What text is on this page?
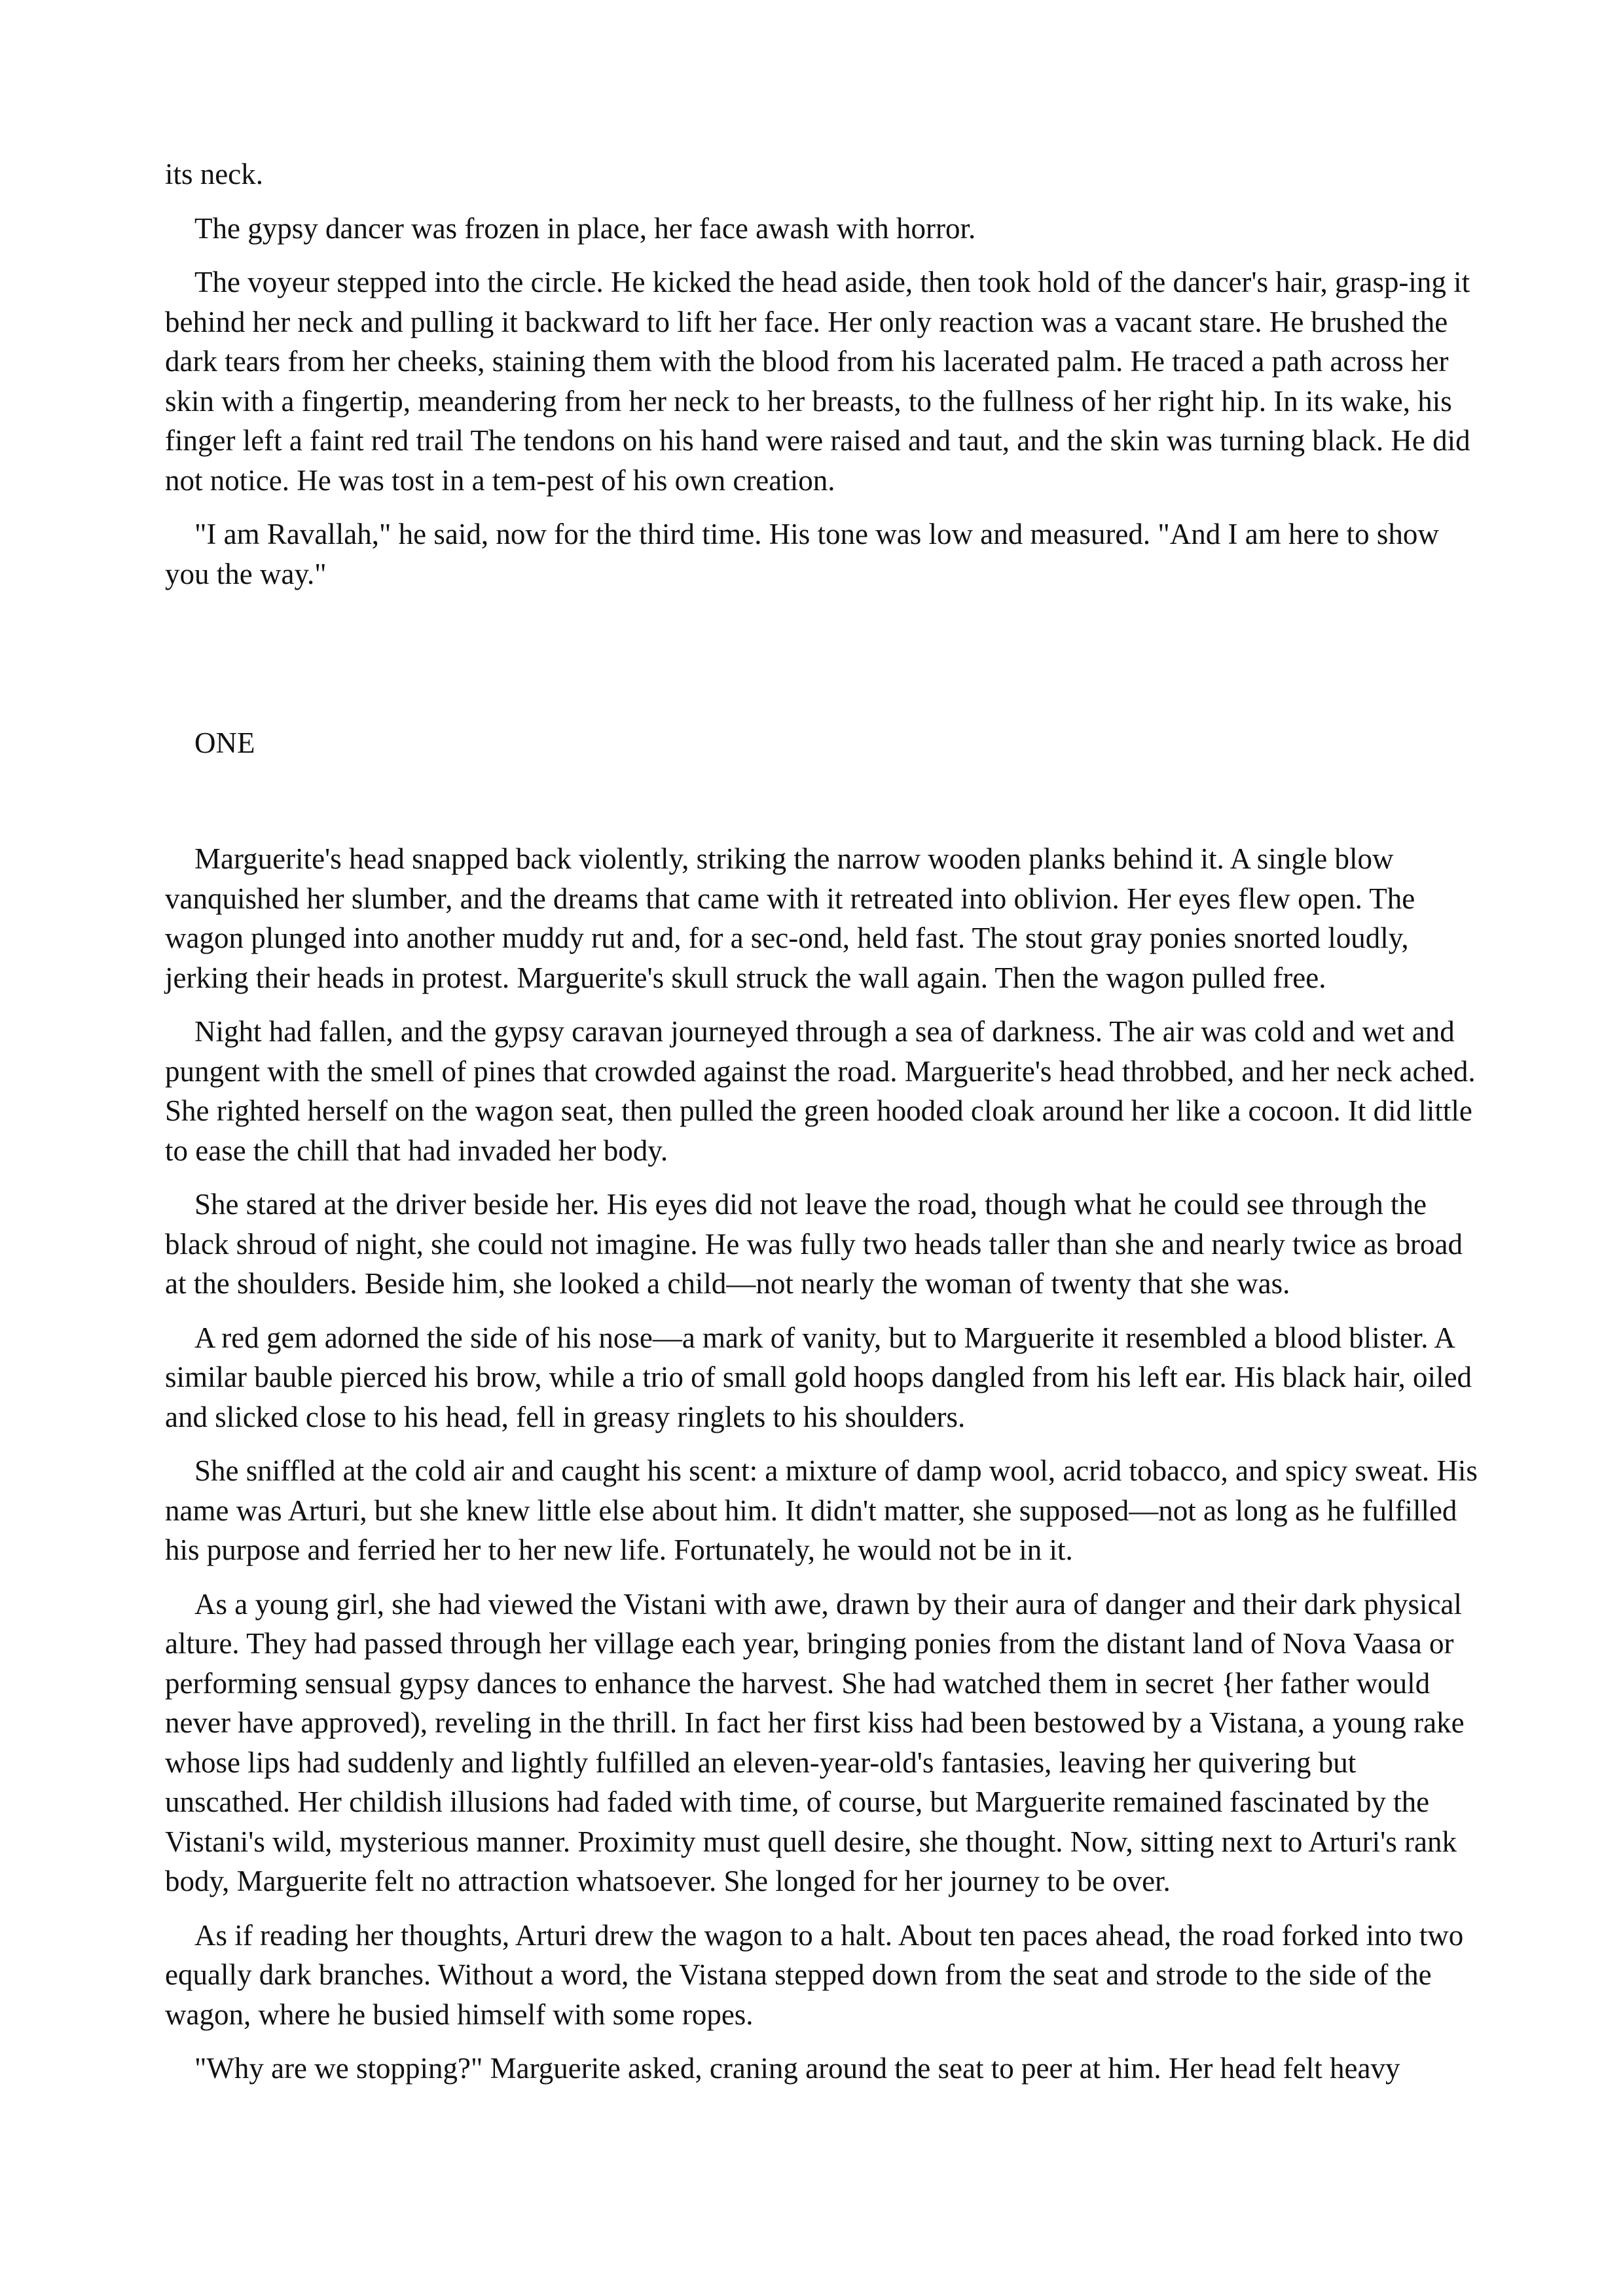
its neck.

The gypsy dancer was frozen in place, her face awash with horror.

The voyeur stepped into the circle. He kicked the head aside, then took hold of the dancer's hair, grasp-ing it behind her neck and pulling it backward to lift her face. Her only reaction was a vacant stare. He brushed the dark tears from her cheeks, staining them with the blood from his lacerated palm. He traced a path across her skin with a fingertip, meandering from her neck to her breasts, to the fullness of her right hip. In its wake, his finger left a faint red trail The tendons on his hand were raised and taut, and the skin was turning black. He did not notice. He was tost in a tem-pest of his own creation.

"I am Ravallah," he said, now for the third time. His tone was low and measured. "And I am here to show you the way."

ONE

Marguerite's head snapped back violently, striking the narrow wooden planks behind it. A single blow vanquished her slumber, and the dreams that came with it retreated into oblivion. Her eyes flew open. The wagon plunged into another muddy rut and, for a sec-ond, held fast. The stout gray ponies snorted loudly, jerking their heads in protest. Marguerite's skull struck the wall again. Then the wagon pulled free.

Night had fallen, and the gypsy caravan journeyed through a sea of darkness. The air was cold and wet and pungent with the smell of pines that crowded against the road. Marguerite's head throbbed, and her neck ached. She righted herself on the wagon seat, then pulled the green hooded cloak around her like a cocoon. It did little to ease the chill that had invaded her body.

She stared at the driver beside her. His eyes did not leave the road, though what he could see through the black shroud of night, she could not imagine. He was fully two heads taller than she and nearly twice as broad at the shoulders. Beside him, she looked a child—not nearly the woman of twenty that she was.

A red gem adorned the side of his nose—a mark of vanity, but to Marguerite it resembled a blood blister. A similar bauble pierced his brow, while a trio of small gold hoops dangled from his left ear. His black hair, oiled and slicked close to his head, fell in greasy ringlets to his shoulders.

She sniffled at the cold air and caught his scent: a mixture of damp wool, acrid tobacco, and spicy sweat. His name was Arturi, but she knew little else about him. It didn't matter, she supposed—not as long as he fulfilled his purpose and ferried her to her new life. Fortunately, he would not be in it.

As a young girl, she had viewed the Vistani with awe, drawn by their aura of danger and their dark physical alture. They had passed through her village each year, bringing ponies from the distant land of Nova Vaasa or performing sensual gypsy dances to enhance the harvest. She had watched them in secret {her father would never have approved), reveling in the thrill. In fact her first kiss had been bestowed by a Vistana, a young rake whose lips had suddenly and lightly fulfilled an eleven-year-old's fantasies, leaving her quivering but unscathed. Her childish illusions had faded with time, of course, but Marguerite remained fascinated by the Vistani's wild, mysterious manner. Proximity must quell desire, she thought. Now, sitting next to Arturi's rank body, Marguerite felt no attraction whatsoever. She longed for her journey to be over.

As if reading her thoughts, Arturi drew the wagon to a halt. About ten paces ahead, the road forked into two equally dark branches. Without a word, the Vistana stepped down from the seat and strode to the side of the wagon, where he busied himself with some ropes.

"Why are we stopping?" Marguerite asked, craning around the seat to peer at him. Her head felt heavy
